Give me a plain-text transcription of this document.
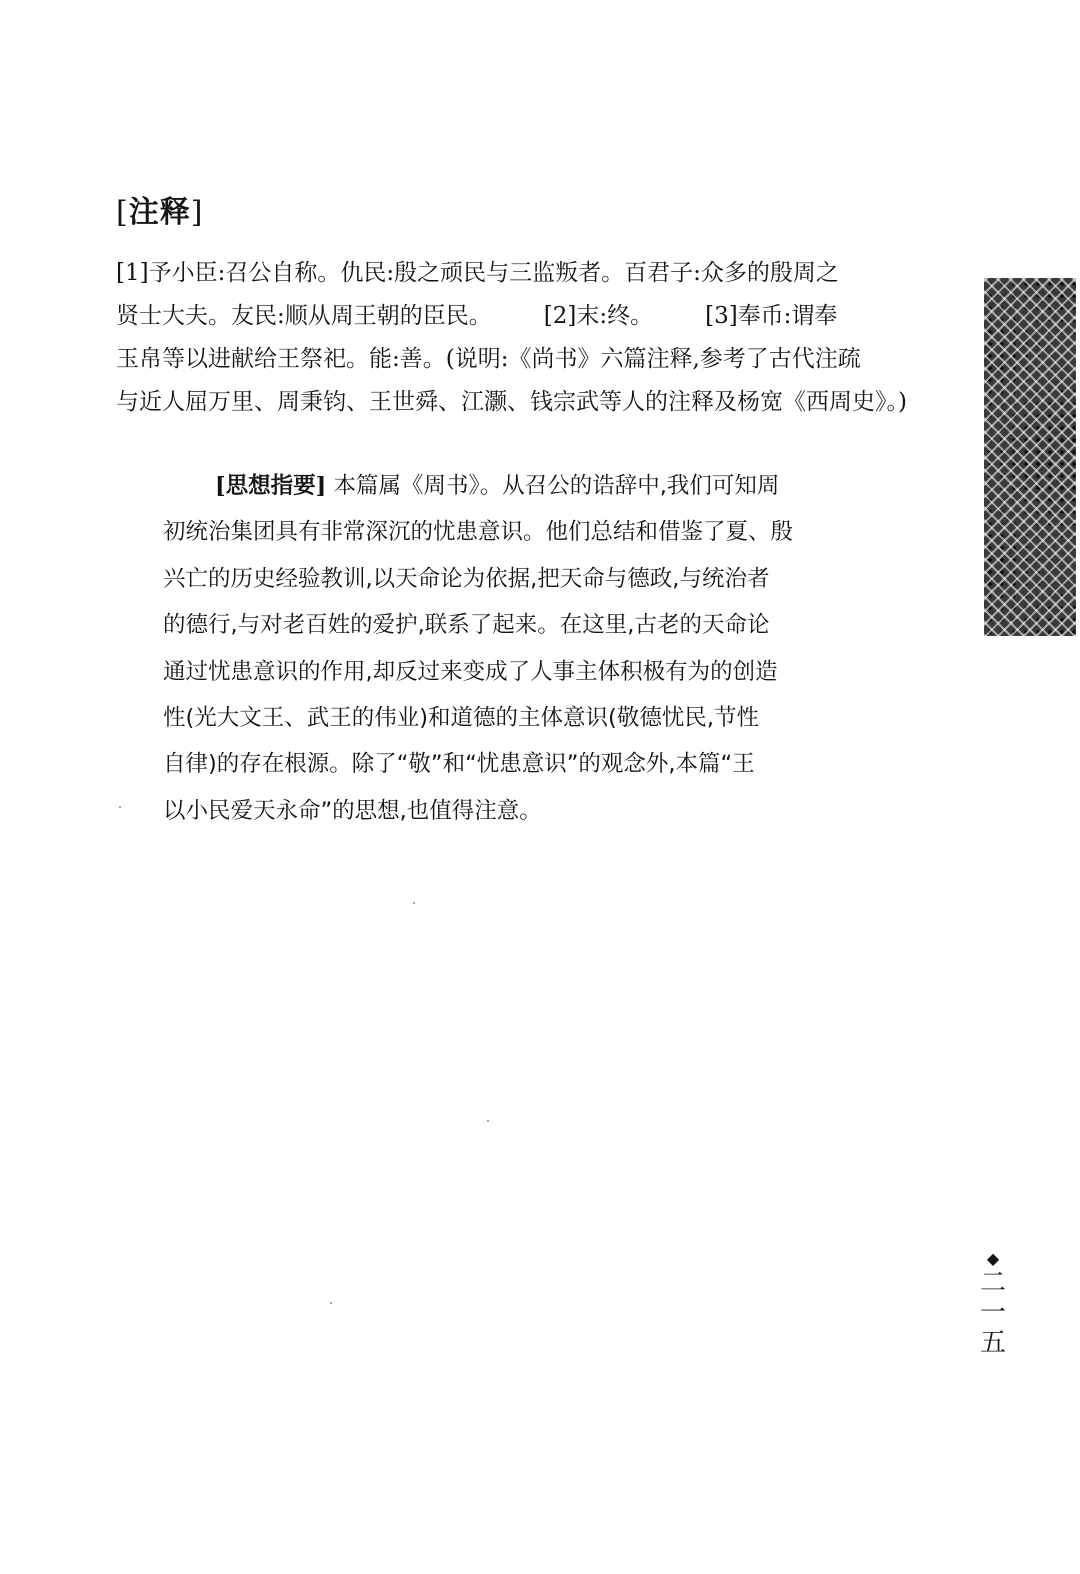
[注释]
[1]予小臣:召公自称。仇民:殷之顽民与三监叛者。百君子:众多的殷周之
贤士大夫。友民:顺从周王朝的臣民。 [2]末:终。 [3]奉币:谓奉
玉帛等以进献给王祭祀。能:善。(说明:《尚书》六篇注释,参考了古代注疏
与近人屈万里、周秉钧、王世舜、江灏、钱宗武等人的注释及杨宽《西周史》。)
[思想指要] 本篇属《周书》。从召公的诰辞中,我们可知周
初统治集团具有非常深沉的忧患意识。他们总结和借鉴了夏、殷
兴亡的历史经验教训,以天命论为依据,把天命与德政,与统治者
的德行,与对老百姓的爱护,联系了起来。在这里,古老的天命论
通过忧患意识的作用,却反过来变成了人事主体积极有为的创造
性(光大文王、武王的伟业)和道德的主体意识(敬德忧民,节性
自律)的存在根源。除了“敬”和“忧患意识”的观念外,本篇“王
以小民爱天永命”的思想,也值得注意。
◆
二
一
五
